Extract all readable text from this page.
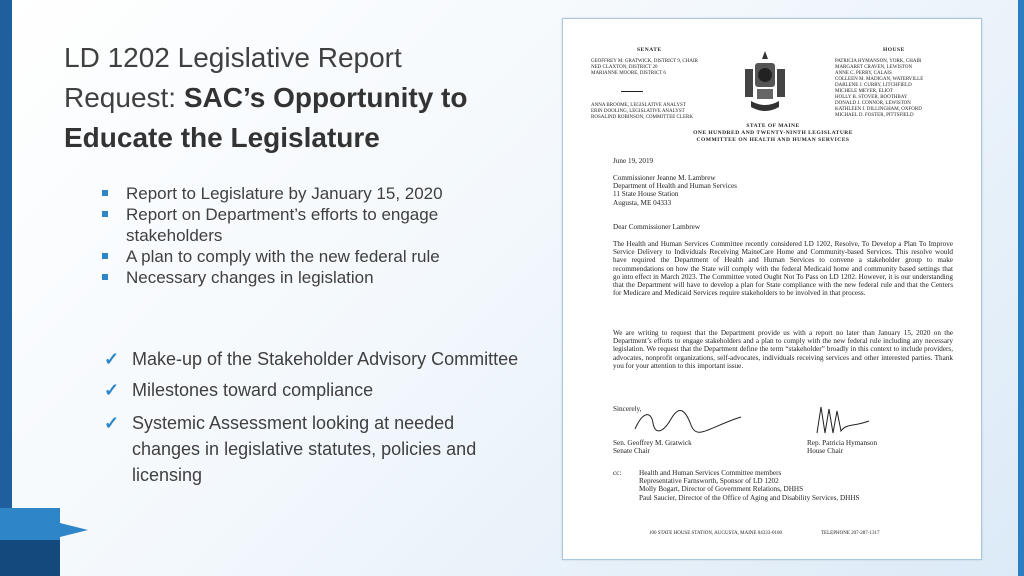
LD 1202 Legislative Report
Request: SAC’s Opportunity to
Educate the Legislature
Report to Legislature by January 15, 2020
Report on Department’s efforts to engage stakeholders
A plan to comply with the new federal rule
Necessary changes in legislation
✓ Make-up of the Stakeholder Advisory Committee
✓ Milestones toward compliance
✓ Systemic Assessment looking at needed changes in legislative statutes, policies and licensing
SENATE	HOUSE
GEOFFREY M. GRATWICK, DISTRICT 9, CHAIR
NED CLAXTON, DISTRICT 20
MARIANNE MOORE, DISTRICT 6
ANNA BROOME, LEGISLATIVE ANALYST
ERIN DOOLING, LEGISLATIVE ANALYST
ROSALIND ROBINSON, COMMITTEE CLERK
PATRICIA HYMANSON, YORK, CHAIR
MARGARET CRAVEN, LEWISTON
ANNE C. PERRY, CALAIS
COLLEEN M. MADIGAN, WATERVILLE
DARLENE J. CURRY, LITCHFIELD
MICHELE MEYER, ELIOT
HOLLY B. STOVER, BOOTHBAY
DONALD J. CONNOR, LEWISTON
KATHLEEN J. DILLINGHAM, OXFORD
MICHAEL D. FOSTER, PITTSFIELD
STATE OF MAINE
ONE HUNDRED AND TWENTY-NINTH LEGISLATURE
COMMITTEE ON HEALTH AND HUMAN SERVICES
June 19, 2019
Commissioner Jeanne M. Lambrew
Department of Health and Human Services
11 State House Station
Augusta, ME 04333
Dear Commissioner Lambrew
The Health and Human Services Committee recently considered LD 1202, Resolve, To Develop a Plan To Improve Service Delivery to Individuals Receiving MaineCare Home and Community-based Services. This resolve would have required the Department of Health and Human Services to convene a stakeholder group to make recommendations on how the State will comply with the federal Medicaid home and community based settings that go into effect in March 2023. The Committee voted Ought Not To Pass on LD 1202. However, it is our understanding that the Department will have to develop a plan for State compliance with the new federal rule and that the Centers for Medicare and Medicaid Services require stakeholders to be involved in that process.
We are writing to request that the Department provide us with a report no later than January 15, 2020 on the Department’s efforts to engage stakeholders and a plan to comply with the new federal rule including any necessary legislation. We request that the Department define the term “stakeholder” broadly in this context to include providers, advocates, nonprofit organizations, self-advocates, individuals receiving services and other interested parties. Thank you for your attention to this important issue.
Sincerely,
Sen. Geoffrey M. Gratwick
Senate Chair
Rep. Patricia Hymanson
House Chair
cc: Health and Human Services Committee members
Representative Farnsworth, Sponsor of LD 1202
Molly Bogart, Director of Government Relations, DHHS
Paul Saucier, Director of the Office of Aging and Disability Services, DHHS
100 STATE HOUSE STATION, AUGUSTA, MAINE 04333-0100	TELEPHONE 207-287-1317
